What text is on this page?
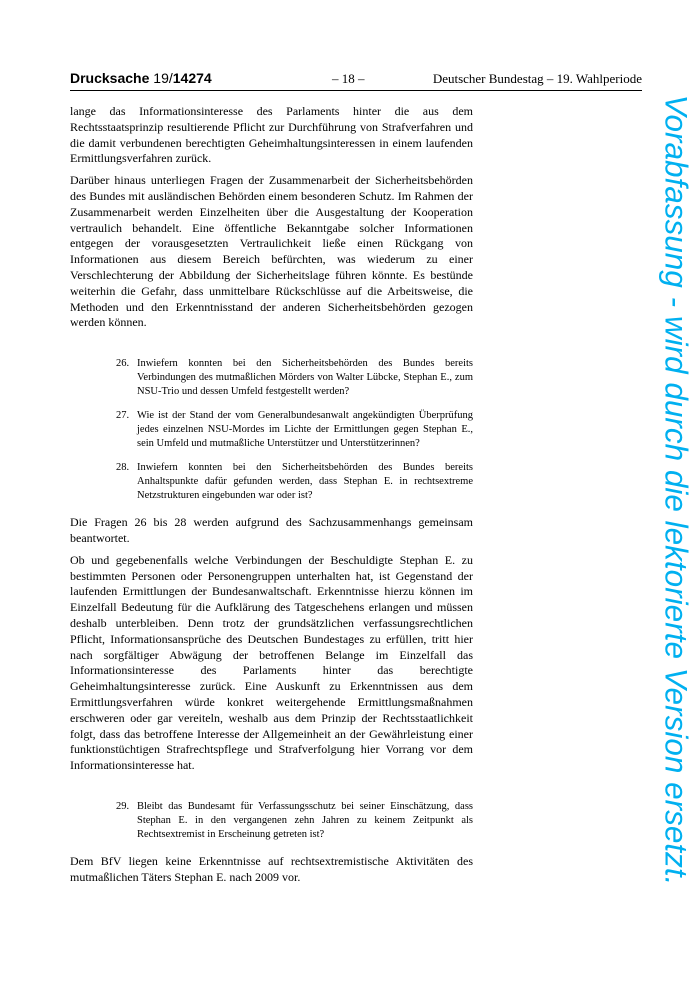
Drucksache 19/14274	– 18 –	Deutscher Bundestag – 19. Wahlperiode

lange das Informationsinteresse des Parlaments hinter die aus dem Rechtsstaatsprinzip resultierende Pflicht zur Durchführung von Strafverfahren und die damit verbundenen berechtigten Geheimhaltungsinteressen in einem laufenden Ermittlungsverfahren zurück.

Darüber hinaus unterliegen Fragen der Zusammenarbeit der Sicherheitsbehörden des Bundes mit ausländischen Behörden einem besonderen Schutz. Im Rahmen der Zusammenarbeit werden Einzelheiten über die Ausgestaltung der Kooperation vertraulich behandelt. Eine öffentliche Bekanntgabe solcher Informationen entgegen der vorausgesetzten Vertraulichkeit ließe einen Rückgang von Informationen aus diesem Bereich befürchten, was wiederum zu einer Verschlechterung der Abbildung der Sicherheitslage führen könnte. Es bestünde weiterhin die Gefahr, dass unmittelbare Rückschlüsse auf die Arbeitsweise, die Methoden und den Erkenntnisstand der anderen Sicherheitsbehörden gezogen werden können.

26. Inwiefern konnten bei den Sicherheitsbehörden des Bundes bereits Verbindungen des mutmaßlichen Mörders von Walter Lübcke, Stephan E., zum NSU-Trio und dessen Umfeld festgestellt werden?
27. Wie ist der Stand der vom Generalbundesanwalt angekündigten Überprüfung jedes einzelnen NSU-Mordes im Lichte der Ermittlungen gegen Stephan E., sein Umfeld und mutmaßliche Unterstützer und Unterstützerinnen?
28. Inwiefern konnten bei den Sicherheitsbehörden des Bundes bereits Anhaltspunkte dafür gefunden werden, dass Stephan E. in rechtsextreme Netzstrukturen eingebunden war oder ist?

Die Fragen 26 bis 28 werden aufgrund des Sachzusammenhangs gemeinsam beantwortet.

Ob und gegebenenfalls welche Verbindungen der Beschuldigte Stephan E. zu bestimmten Personen oder Personengruppen unterhalten hat, ist Gegenstand der laufenden Ermittlungen der Bundesanwaltschaft. Erkenntnisse hierzu können im Einzelfall Bedeutung für die Aufklärung des Tatgeschehens erlangen und müssen deshalb unterbleiben. Denn trotz der grundsätzlichen verfassungsrechtlichen Pflicht, Informationsansprüche des Deutschen Bundestages zu erfüllen, tritt hier nach sorgfältiger Abwägung der betroffenen Belange im Einzelfall das Informationsinteresse des Parlaments hinter das berechtigte Geheimhaltungsinteresse zurück. Eine Auskunft zu Erkenntnissen aus dem Ermittlungsverfahren würde konkret weitergehende Ermittlungsmaßnahmen erschweren oder gar vereiteln, weshalb aus dem Prinzip der Rechtsstaatlichkeit folgt, dass das betroffene Interesse der Allgemeinheit an der Gewährleistung einer funktionstüchtigen Strafrechtspflege und Strafverfolgung hier Vorrang vor dem Informationsinteresse hat.

29. Bleibt das Bundesamt für Verfassungsschutz bei seiner Einschätzung, dass Stephan E. in den vergangenen zehn Jahren zu keinem Zeitpunkt als Rechtsextremist in Erscheinung getreten ist?

Dem BfV liegen keine Erkenntnisse auf rechtsextremistische Aktivitäten des mutmaßlichen Täters Stephan E. nach 2009 vor.	Vorabfassung - wird durch die lektorierte Version ersetzt.
